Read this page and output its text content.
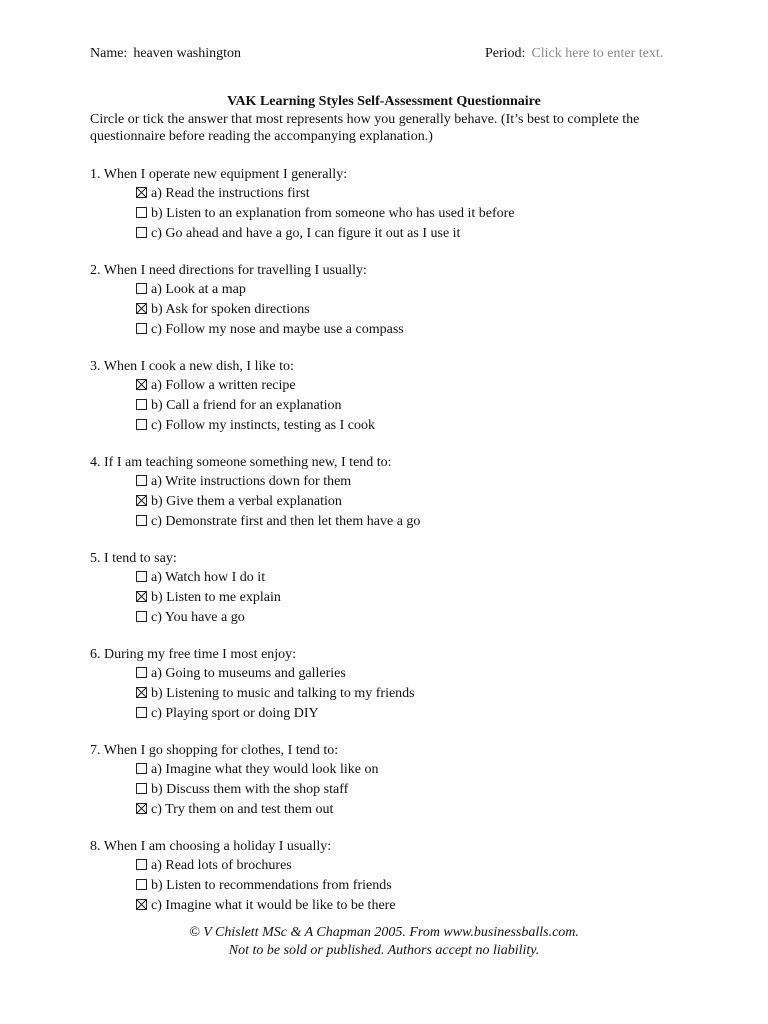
Name: heaven washington	Period: Click here to enter text.
VAK Learning Styles Self-Assessment Questionnaire
Circle or tick the answer that most represents how you generally behave. (It’s best to complete the questionnaire before reading the accompanying explanation.)
1. When I operate new equipment I generally:
a) Read the instructions first
b) Listen to an explanation from someone who has used it before
c) Go ahead and have a go, I can figure it out as I use it
2. When I need directions for travelling I usually:
a) Look at a map
b) Ask for spoken directions
c) Follow my nose and maybe use a compass
3. When I cook a new dish, I like to:
a) Follow a written recipe
b) Call a friend for an explanation
c) Follow my instincts, testing as I cook
4. If I am teaching someone something new, I tend to:
a) Write instructions down for them
b) Give them a verbal explanation
c) Demonstrate first and then let them have a go
5. I tend to say:
a) Watch how I do it
b) Listen to me explain
c) You have a go
6. During my free time I most enjoy:
a) Going to museums and galleries
b) Listening to music and talking to my friends
c) Playing sport or doing DIY
7. When I go shopping for clothes, I tend to:
a) Imagine what they would look like on
b) Discuss them with the shop staff
c) Try them on and test them out
8. When I am choosing a holiday I usually:
a) Read lots of brochures
b) Listen to recommendations from friends
c) Imagine what it would be like to be there
© V Chislett MSc & A Chapman 2005. From www.businessballs.com.
Not to be sold or published. Authors accept no liability.
